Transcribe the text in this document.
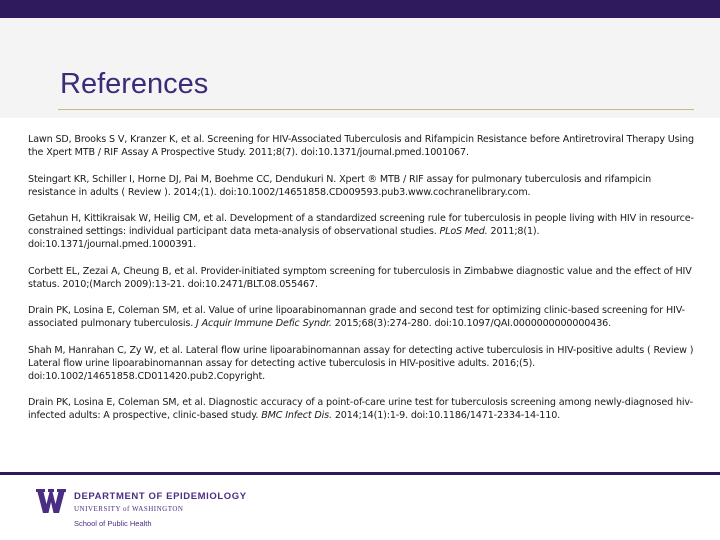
References

Lawn SD, Brooks S V, Kranzer K, et al. Screening for HIV-Associated Tuberculosis and Rifampicin Resistance before Antiretroviral Therapy Using the Xpert MTB / RIF Assay A Prospective Study. 2011;8(7). doi:10.1371/journal.pmed.1001067.

Steingart KR, Schiller I, Horne DJ, Pai M, Boehme CC, Dendukuri N. Xpert ® MTB / RIF assay for pulmonary tuberculosis and rifampicin resistance in adults ( Review ). 2014;(1). doi:10.1002/14651858.CD009593.pub3.www.cochranelibrary.com.

Getahun H, Kittikraisak W, Heilig CM, et al. Development of a standardized screening rule for tuberculosis in people living with HIV in resource-constrained settings: individual participant data meta-analysis of observational studies. PLoS Med. 2011;8(1). doi:10.1371/journal.pmed.1000391.

Corbett EL, Zezai A, Cheung B, et al. Provider-initiated symptom screening for tuberculosis in Zimbabwe diagnostic value and the effect of HIV status. 2010;(March 2009):13-21. doi:10.2471/BLT.08.055467.

Drain PK, Losina E, Coleman SM, et al. Value of urine lipoarabinomannan grade and second test for optimizing clinic-based screening for HIV-associated pulmonary tuberculosis. J Acquir Immune Defic Syndr. 2015;68(3):274-280. doi:10.1097/QAI.0000000000000436.

Shah M, Hanrahan C, Zy W, et al. Lateral flow urine lipoarabinomannan assay for detecting active tuberculosis in HIV-positive adults ( Review ) Lateral flow urine lipoarabinomannan assay for detecting active tuberculosis in HIV-positive adults. 2016;(5). doi:10.1002/14651858.CD011420.pub2.Copyright.

Drain PK, Losina E, Coleman SM, et al. Diagnostic accuracy of a point-of-care urine test for tuberculosis screening among newly-diagnosed hiv-infected adults: A prospective, clinic-based study. BMC Infect Dis. 2014;14(1):1-9. doi:10.1186/1471-2334-14-110.

DEPARTMENT OF EPIDEMIOLOGY
UNIVERSITY of WASHINGTON
School of Public Health
